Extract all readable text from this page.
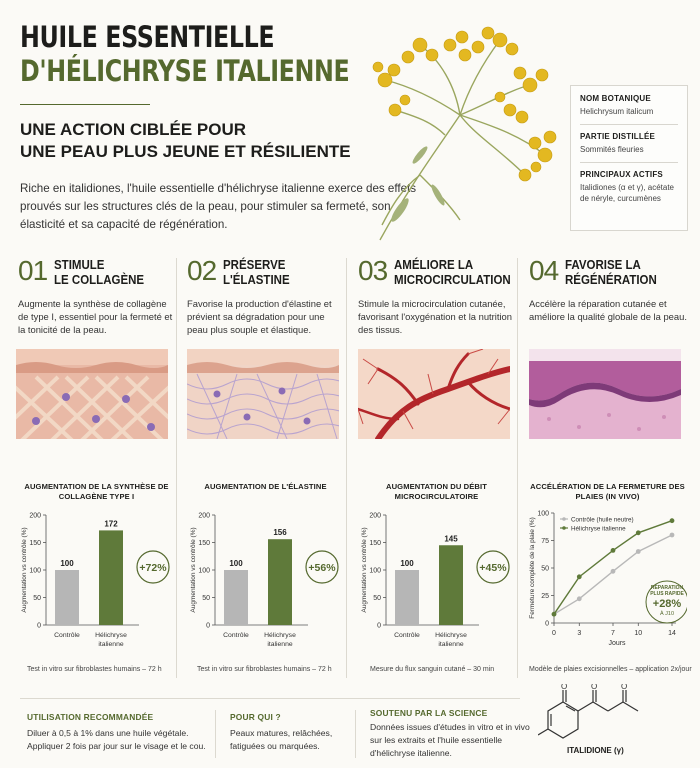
HUILE ESSENTIELLE
D'HÉLICHRYSE ITALIENNE
UNE ACTION CIBLÉE POUR
UNE PEAU PLUS JEUNE ET RÉSILIENTE
Riche en italidiones, l'huile essentielle d'hélichryse italienne exerce des effets prouvés sur les structures clés de la peau, pour stimuler sa fermeté, son élasticité et sa capacité de régénération.
NOM BOTANIQUE
Helichrysum italicum
PARTIE DISTILLÉE
Sommités fleuries
PRINCIPAUX ACTIFS
Italidiones (α et γ), acétate de néryle, curcumènes
01 STIMULE
LE COLLAGÈNE
Augmente la synthèse de collagène de type I, essentiel pour la fermeté et la tonicité de la peau.
02 PRÉSERVE
L'ÉLASTINE
Favorise la production d'élastine et prévient sa dégradation pour une peau plus souple et élastique.
03 AMÉLIORE LA
MICROCIRCULATION
Stimule la microcirculation cutanée, favorisant l'oxygénation et la nutrition des tissus.
04 FAVORISE LA
RÉGÉNÉRATION
Accélère la réparation cutanée et améliore la qualité globale de la peau.
AUGMENTATION DE LA SYNTHÈSE DE COLLAGÈNE TYPE I
AUGMENTATION DE L'ÉLASTINE	AUGMENTATION DU DÉBIT MICROCIRCULATOIRE
ACCÉLÉRATION DE LA FERMETURE DES PLAIES (IN VIVO)
0
50
100
150
200
Augmentation vs contrôle (%)	100
172
Contrôle Hélichryse
italienne
+72%
0
50
100
150
200
Augmentation vs contrôle (%)	100
156
Contrôle Hélichryse
italienne
+56%
0
50
100
150
200
Augmentation vs contrôle (%)	100
145
Contrôle Hélichryse
italienne
+45%
0
25
50
75
100
0	3	7	10	14
Jours
Fermeture complète de la plaie (%)	Contrôle (huile neutre)
Hélichryse italienne
RÉPARATION
PLUS RAPIDE
+28%
À J10
Test in vitro sur fibroblastes humains – 72 h	Test in vitro sur fibroblastes humains – 72 h	Mesure du flux sanguin cutané – 30 min	Modèle de plaies excisionnelles – application 2x/jour
UTILISATION RECOMMANDÉE
Diluer à 0,5 à 1% dans une huile végétale. Appliquer 2 fois par jour sur le visage et le cou.
POUR QUI ?
Peaux matures, relâchées, fatiguées ou marquées.
SOUTENU PAR LA SCIENCE
Données issues d'études in vitro et in vivo sur les extraits et l'huile essentielle d'hélichryse italienne.
O	O	O
ITALIDIONE (γ)
